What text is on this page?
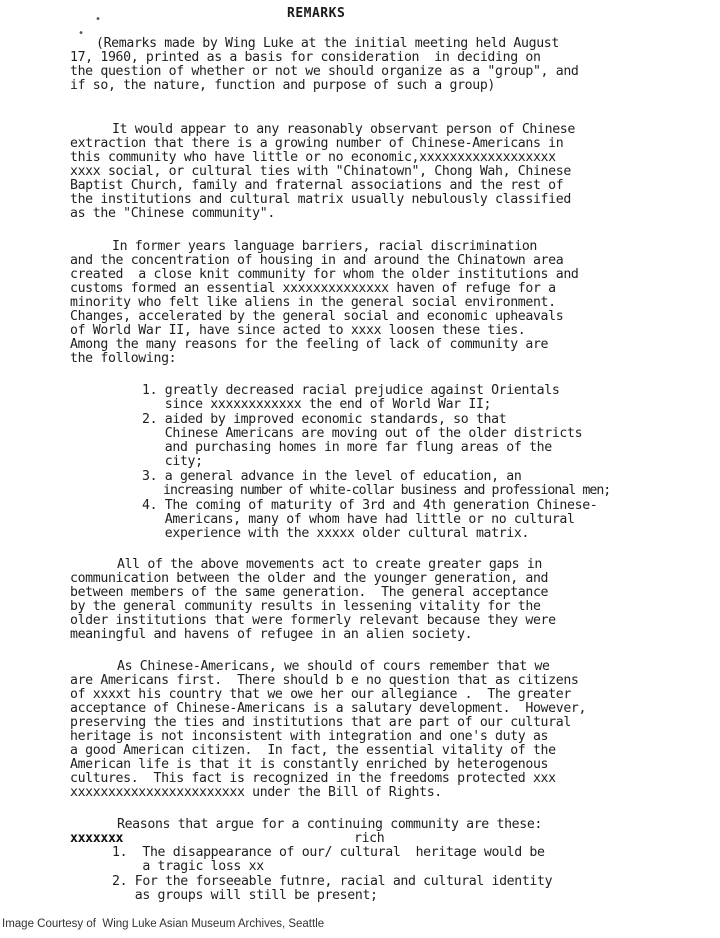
•
•
REMARKS
(Remarks made by Wing Luke at the initial meeting held August
17, 1960, printed as a basis for consideration  in deciding on
the question of whether or not we should organize as a "group", and
if so, the nature, function and purpose of such a group)
It would appear to any reasonably observant person of Chinese
extraction that there is a growing number of Chinese-Americans in
this community who have little or no economic,xxxxxxxxxxxxxxxxxx
xxxx social, or cultural ties with "Chinatown", Chong Wah, Chinese
Baptist Church, family and fraternal associations and the rest of
the institutions and cultural matrix usually nebulously classified
as the "Chinese community".
In former years language barriers, racial discrimination
and the concentration of housing in and around the Chinatown area
created  a close knit community for whom the older institutions and
customs formed an essential xxxxxxxxxxxxxx haven of refuge for a
minority who felt like aliens in the general social environment.
Changes, accelerated by the general social and economic upheavals
of World War II, have since acted to xxxx loosen these ties.
Among the many reasons for the feeling of lack of community are
the following:
1. greatly decreased racial prejudice against Orientals
since xxxxxxxxxxxx the end of World War II;
2. aided by improved economic standards, so that
Chinese Americans are moving out of the older districts
and purchasing homes in more far flung areas of the
city;
3. a general advance in the level of education, an
increasing number of white-collar business and professional men;
4. The coming of maturity of 3rd and 4th generation Chinese-
Americans, many of whom have had little or no cultural
experience with the xxxxx older cultural matrix.
All of the above movements act to create greater gaps in
communication between the older and the younger generation, and
between members of the same generation.  The general acceptance
by the general community results in lessening vitality for the
older institutions that were formerly relevant because they were
meaningful and havens of refugee in an alien society.
As Chinese-Americans, we should of cours remember that we
are Americans first.  There should b e no question that as citizens
of xxxxt his country that we owe her our allegiance .  The greater
acceptance of Chinese-Americans is a salutary development.  However,
preserving the ties and institutions that are part of our cultural
heritage is not inconsistent with integration and one's duty as
a good American citizen.  In fact, the essential vitality of the
American life is that it is constantly enriched by heterogenous
cultures.  This fact is recognized in the freedoms protected xxx
xxxxxxxxxxxxxxxxxxxxxxx under the Bill of Rights.
Reasons that argue for a continuing community are these:
xxxxxxx	rich
1.  The disappearance of our/ cultural  heritage would be
a tragic loss xx
2. For the forseeable futnre, racial and cultural identity
as groups will still be present;
Image Courtesy of  Wing Luke Asian Museum Archives, Seattle
